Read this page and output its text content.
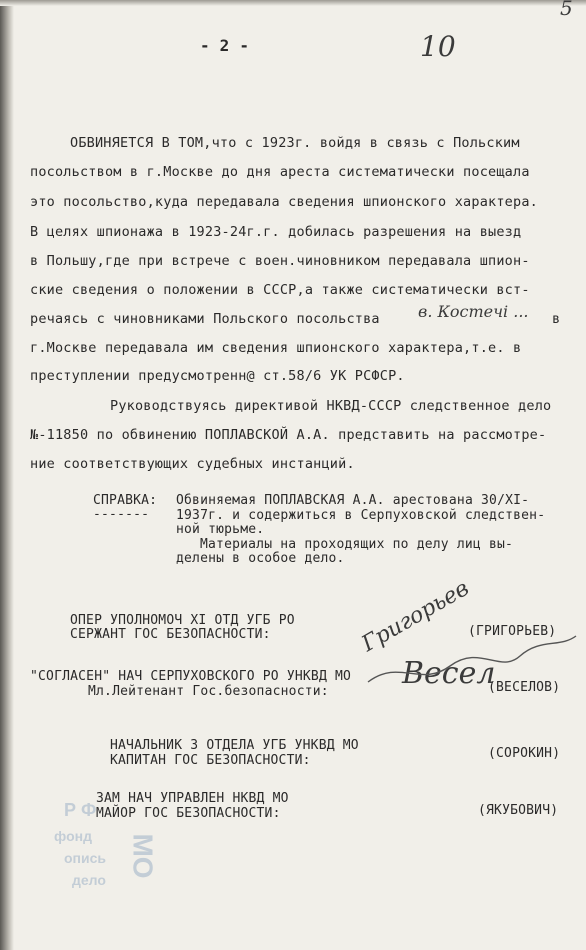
5
- 2 -	10
ОБВИНЯЕТСЯ В ТОМ,что с 1923г. войдя в связь с Польским
посольством в г.Москве до дня ареста систематически посещала
это посольство,куда передавала сведения шпионского характера.
В целях шпионажа в 1923-24г.г. добилась разрешения на выезд
в Польшу,где при встрече с воен.чиновником передавала шпион-
ские сведения о положении в СССР,а также систематически вст-
речаясь с чиновниками Польского посольства в. Костечі ... в
г.Москве передавала им сведения шпионского характера,т.е. в
преступлении предусмотренн@ ст.58/6 УК РСФСР.
Руководствуясь директивой НКВД-СССР следственное дело
№-11850 по обвинению ПОПЛАВСКОЙ А.А. представить на рассмотре-
ние соответствующих судебных инстанций.
СПРАВКА:
-------
Обвиняемая ПОПЛАВСКАЯ А.А. арестована 30/XI-
1937г. и содержиться в Серпуховской следствен-
ной тюрьме.
Материалы на проходящих по делу лиц вы-
делены в особое дело.
ОПЕР УПОЛНОМОЧ XI ОТД УГБ РО
СЕРЖАНТ ГОС БЕЗОПАСНОСТИ:	(ГРИГОРЬЕВ)
Григорьев
"СОГЛАСЕН" НАЧ СЕРПУХОВСКОГО РО УНКВД МО
Мл.Лейтенант Гос.безопасности:	(ВЕСЕЛОВ)
Весел
НАЧАЛЬНИК 3 ОТДЕЛА УГБ УНКВД МО
КАПИТАН ГОС БЕЗОПАСНОСТИ:	(СОРОКИН)
ЗАМ НАЧ УПРАВЛЕН НКВД МО
МАЙОР ГОС БЕЗОПАСНОСТИ:	(ЯКУБОВИЧ)
Р Ф
фонд
опись
дело
МО
